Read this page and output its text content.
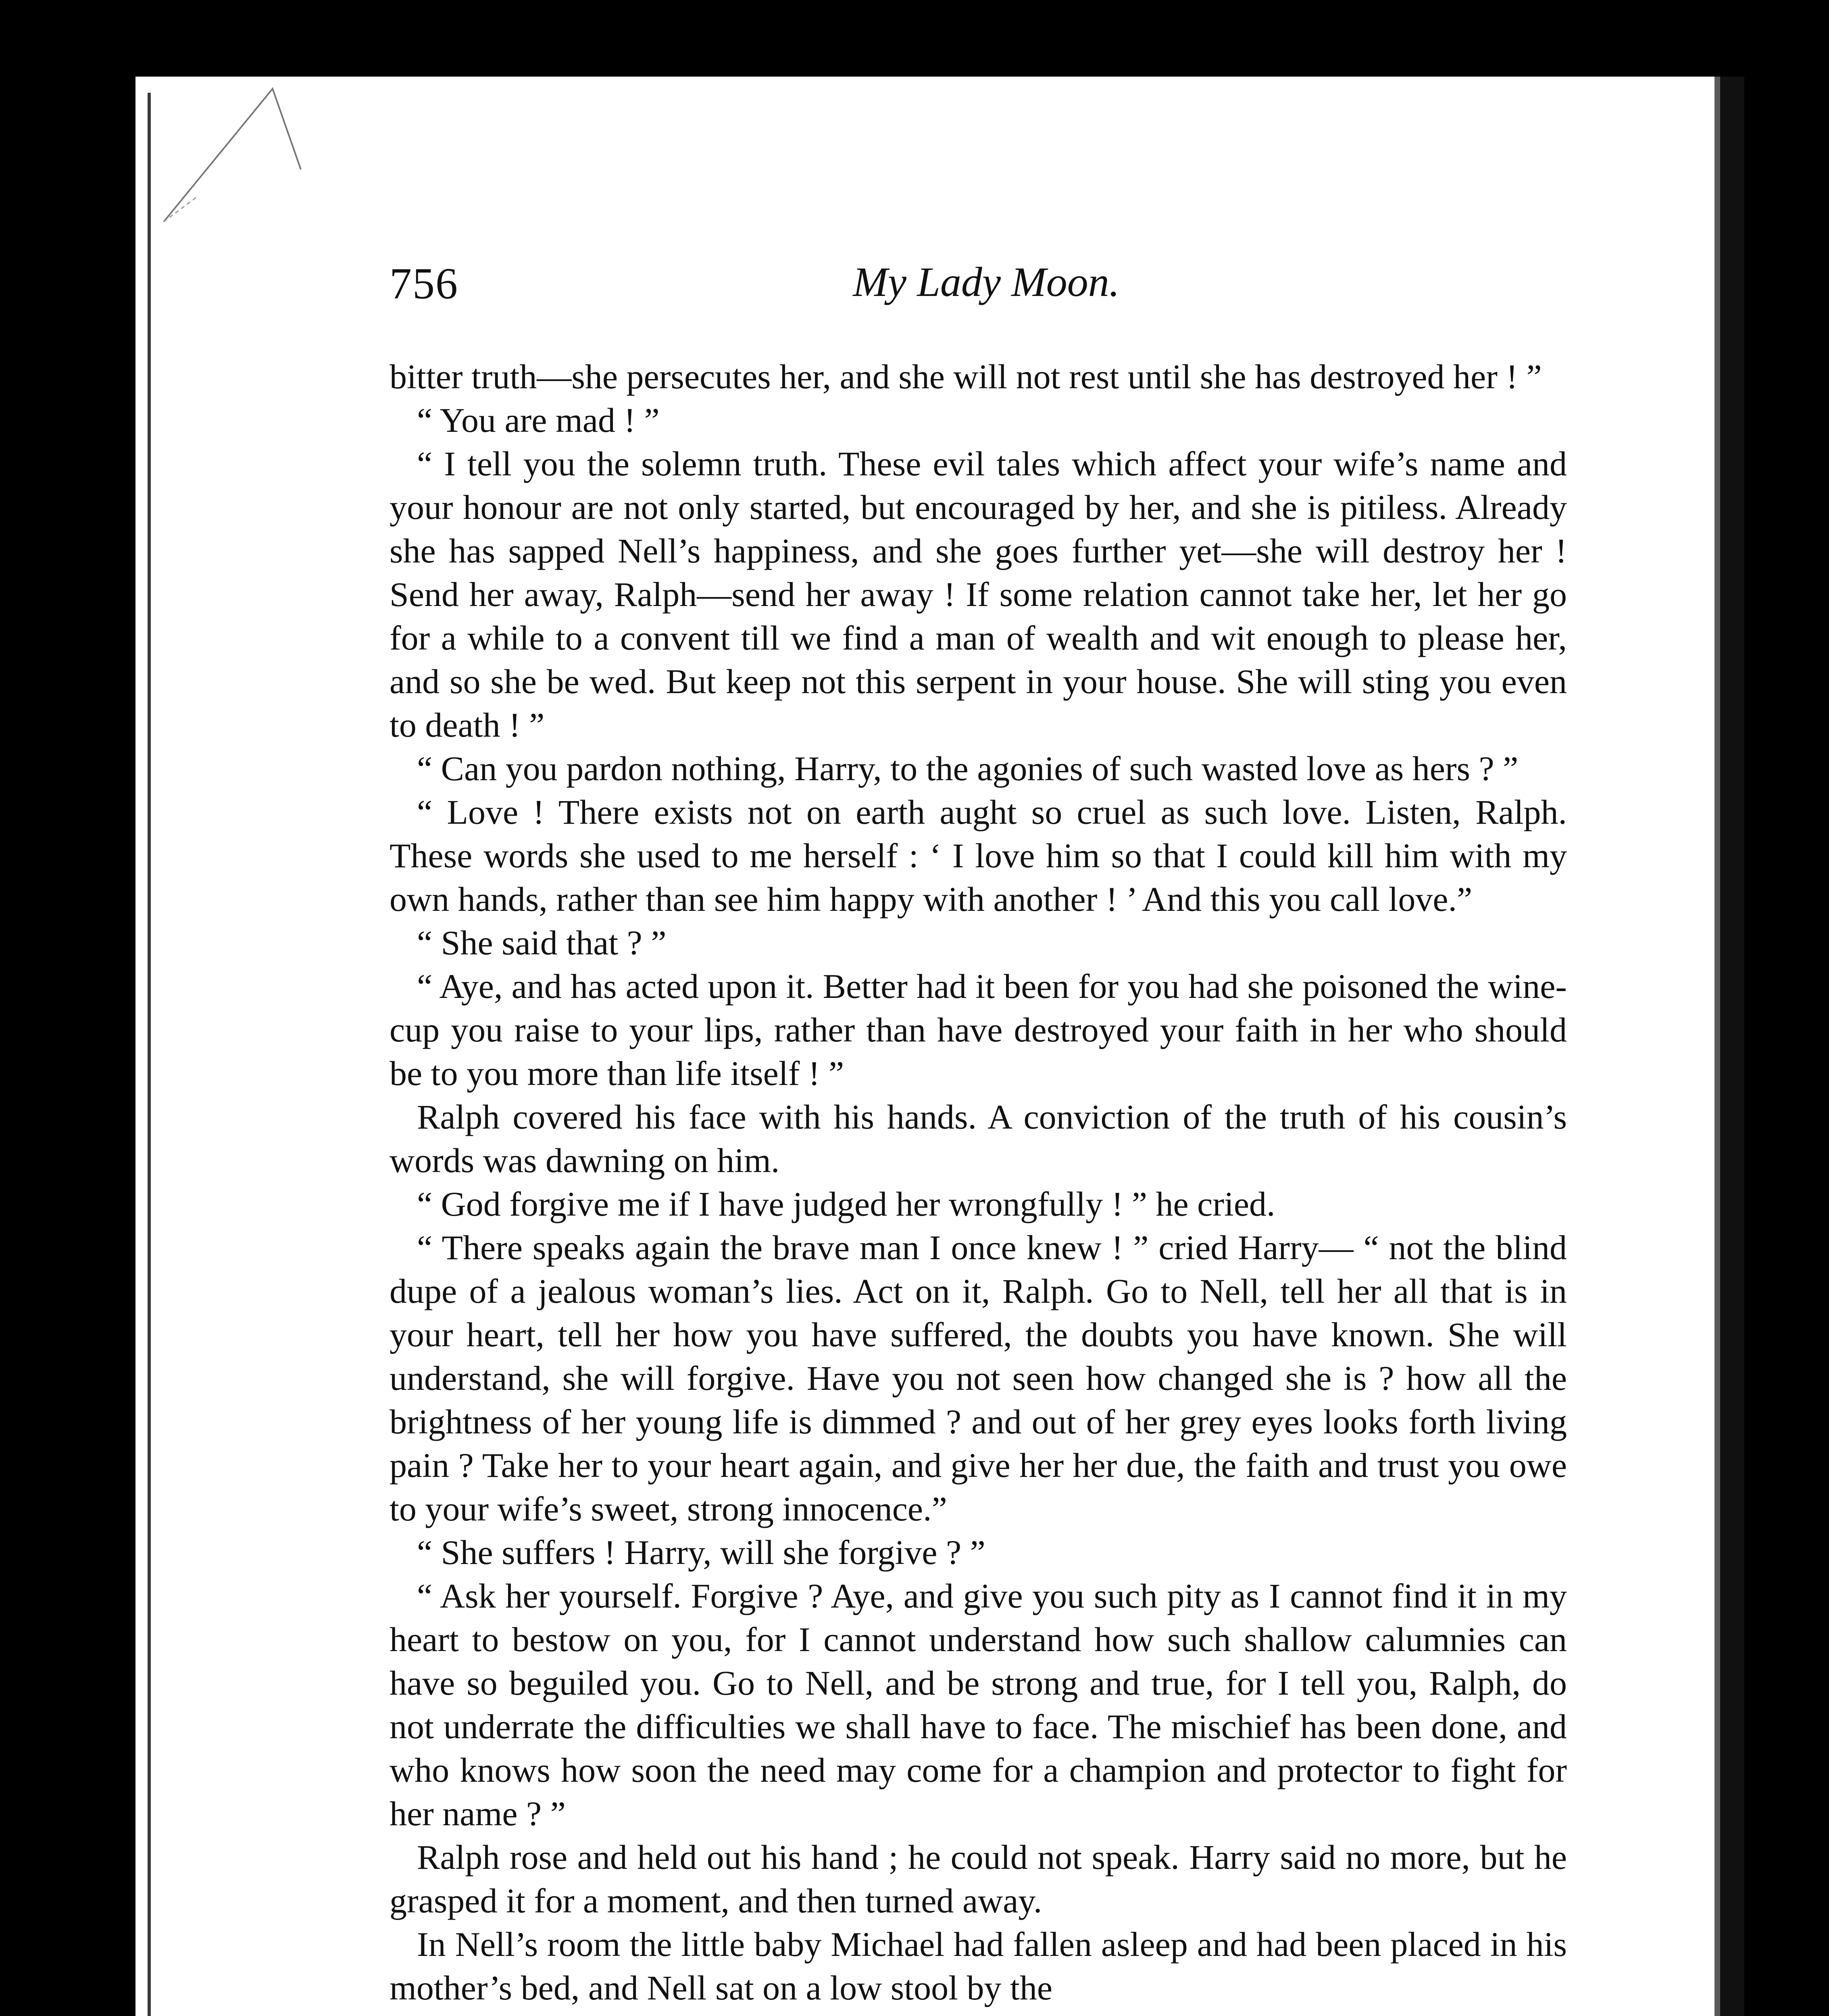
756	My Lady Moon.

bitter truth—she persecutes her, and she will not rest until she has destroyed her ! ”

“ You are mad ! ”

“ I tell you the solemn truth. These evil tales which affect your wife’s name and your honour are not only started, but encouraged by her, and she is pitiless. Already she has sapped Nell’s happiness, and she goes further yet—she will destroy her ! Send her away, Ralph—send her away ! If some relation cannot take her, let her go for a while to a convent till we find a man of wealth and wit enough to please her, and so she be wed. But keep not this serpent in your house. She will sting you even to death ! ”

“ Can you pardon nothing, Harry, to the agonies of such wasted love as hers ? ”

“ Love ! There exists not on earth aught so cruel as such love. Listen, Ralph. These words she used to me herself : ‘ I love him so that I could kill him with my own hands, rather than see him happy with another ! ’ And this you call love.”

“ She said that ? ”

“ Aye, and has acted upon it. Better had it been for you had she poisoned the wine-cup you raise to your lips, rather than have destroyed your faith in her who should be to you more than life itself ! ”

Ralph covered his face with his hands. A conviction of the truth of his cousin’s words was dawning on him.

“ God forgive me if I have judged her wrongfully ! ” he cried.

“ There speaks again the brave man I once knew ! ” cried Harry— “ not the blind dupe of a jealous woman’s lies. Act on it, Ralph. Go to Nell, tell her all that is in your heart, tell her how you have suffered, the doubts you have known. She will understand, she will forgive. Have you not seen how changed she is ? how all the brightness of her young life is dimmed ? and out of her grey eyes looks forth living pain ? Take her to your heart again, and give her her due, the faith and trust you owe to your wife’s sweet, strong innocence.”

“ She suffers ! Harry, will she forgive ? ”

“ Ask her yourself. Forgive ? Aye, and give you such pity as I cannot find it in my heart to bestow on you, for I cannot understand how such shallow calumnies can have so beguiled you. Go to Nell, and be strong and true, for I tell you, Ralph, do not underrate the difficulties we shall have to face. The mischief has been done, and who knows how soon the need may come for a champion and protector to fight for her name ? ”

Ralph rose and held out his hand ; he could not speak. Harry said no more, but he grasped it for a moment, and then turned away.

In Nell’s room the little baby Michael had fallen asleep and had been placed in his mother’s bed, and Nell sat on a low stool by the
